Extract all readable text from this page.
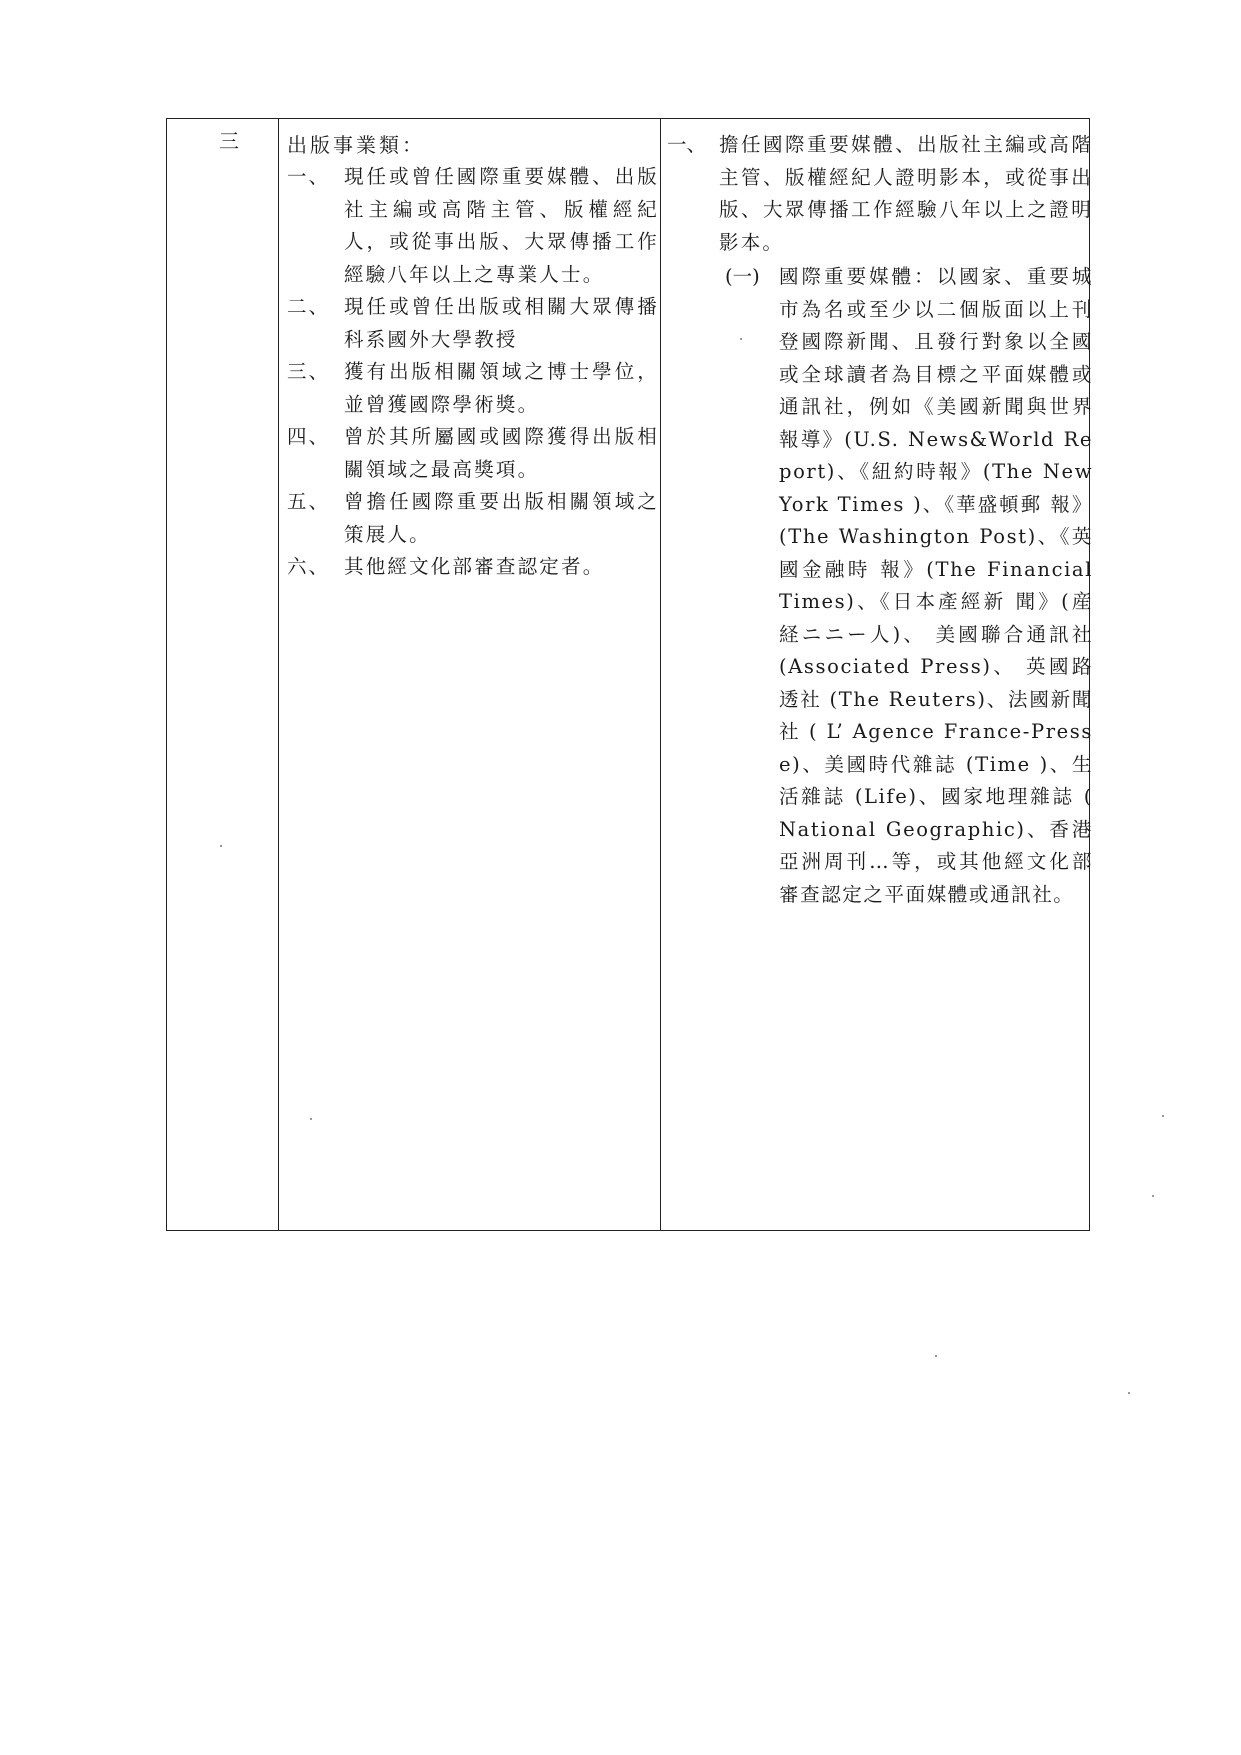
三 出版事業類：
一、 現任或曾任國際重要媒體、出版社主編或高階主管、版權經紀人，或從事出版、大眾傳播工作經驗八年以上之專業人士。
二、 現任或曾任出版或相關大眾傳播科系國外大學教授
三、 獲有出版相關領域之博士學位，並曾獲國際學術獎。
四、 曾於其所屬國或國際獲得出版相關領域之最高獎項。
五、 曾擔任國際重要出版相關領域之策展人。
六、 其他經文化部審查認定者。
一、 擔任國際重要媒體、出版社主編或高階主管、版權經紀人證明影本，或從事出版、大眾傳播工作經驗八年以上之證明影本。
(一) 國際重要媒體：以國家、重要城市為名或至少以二個版面以上刊登國際新聞、且發行對象以全國或全球讀者為目標之平面媒體或通訊社，例如《美國新聞與世界報導》(U.S. News&World Report)、《紐約時報》(The New York Times )、《華盛頓郵 報》(The Washington Post)、《英國金融時 報》(The Financial Times)、《日本產經新 聞》(産経ニニー人)、 美國聯合通訊社 (Associated Press)、 英國路透社 (The Reuters)、法國新聞社 ( L’ Agence France-Presse)、美國時代雜誌 (Time )、生活雜誌 (Life)、國家地理雜誌 ( National Geographic)、香港亞洲周刊…等，或其他經文化部審查認定之平面媒體或通訊社。
